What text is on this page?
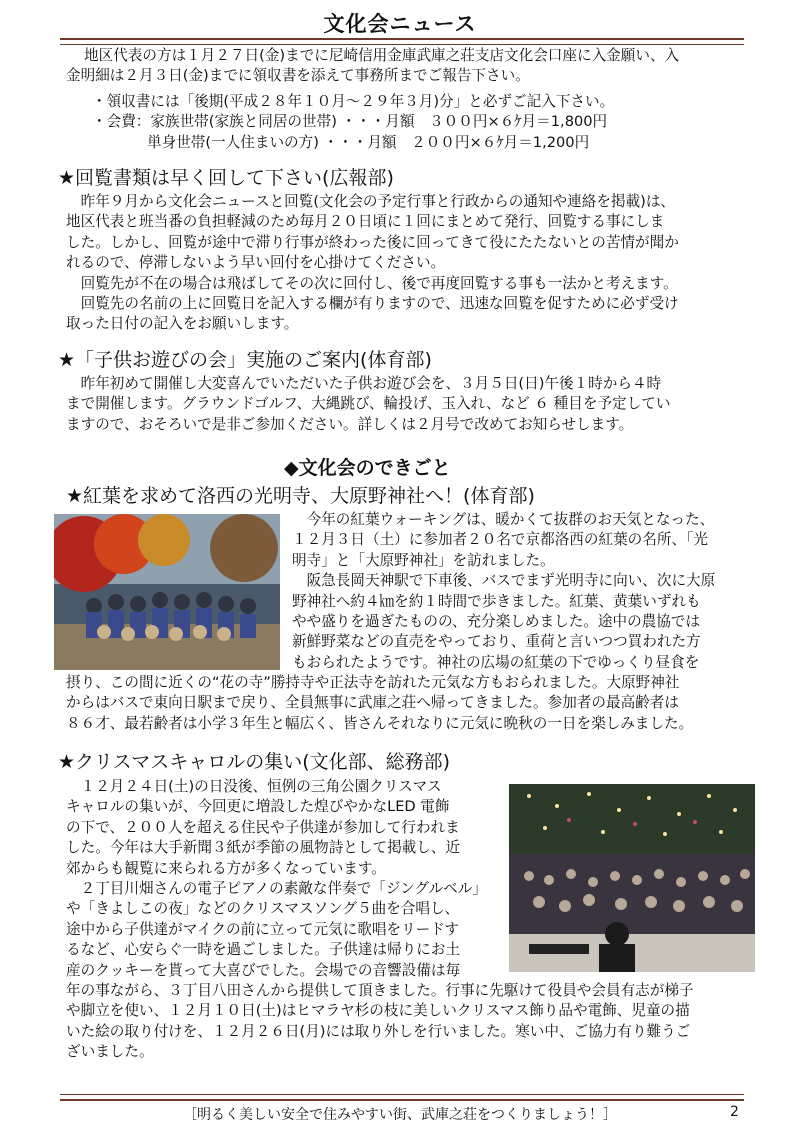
文化会ニュース

地区代表の方は１月２７日(金)までに尼崎信用金庫武庫之荘支店文化会口座に入金願い、入

金明細は２月３日(金)までに領収書を添えて事務所までご報告下さい。

・領収書には「後期(平成２８年１０月〜２９年３月)分」と必ずご記入下さい。
・会費：家族世帯(家族と同居の世帯) ・・・月額　３００円×６ｹ月＝1,800円
単身世帯(一人住まいの方) ・・・月額　２００円×６ｹ月＝1,200円
★回覧書類は早く回して下さい(広報部)

　昨年９月から文化会ニュースと回覧(文化会の予定行事と行政からの通知や連絡を掲載)は、

地区代表と班当番の負担軽減のため毎月２０日頃に１回にまとめて発行、回覧する事にしま

した。しかし、回覧が途中で滞り行事が終わった後に回ってきて役にたたないとの苦情が聞か

れるので、停滞しないよう早い回付を心掛けてください。

　回覧先が不在の場合は飛ばしてその次に回付し、後で再度回覧する事も一法かと考えます。

　回覧先の名前の上に回覧日を記入する欄が有りますので、迅速な回覧を促すために必ず受け

取った日付の記入をお願いします。

★「子供お遊びの会」実施のご案内(体育部)

　昨年初めて開催し大変喜んでいただいた子供お遊び会を、３月５日(日)午後１時から４時

まで開催します。グラウンドゴルフ、大縄跳び、輪投げ、玉入れ、など ６ 種目を予定してい

ますので、おそろいで是非ご参加ください。詳しくは２月号で改めてお知らせします。

◆文化会のできごと
★紅葉を求めて洛西の光明寺、大原野神社へ！(体育部)

　今年の紅葉ウォーキングは、暖かくて抜群のお天気となった、

１２月３日（土）に参加者２０名で京都洛西の紅葉の名所、「光

明寺」と「大原野神社」を訪れました。

　阪急長岡天神駅で下車後、バスでまず光明寺に向い、次に大原

野神社へ約４㎞を約１時間で歩きました。紅葉、黄葉いずれも

やや盛りを過ぎたものの、充分楽しめました。途中の農協では

新鮮野菜などの直売をやっており、重荷と言いつつ買われた方

もおられたようです。神社の広場の紅葉の下でゆっくり昼食を

摂り、この間に近くの“花の寺”勝持寺や正法寺を訪れた元気な方もおられました。大原野神社

からはバスで東向日駅まで戻り、全員無事に武庫之荘へ帰ってきました。参加者の最高齢者は

８６才、最若齢者は小学３年生と幅広く、皆さんそれなりに元気に晩秋の一日を楽しみました。

★クリスマスキャロルの集い(文化部、総務部)

　１２月２４日(土)の日没後、恒例の三角公園クリスマス

キャロルの集いが、今回更に増設した煌びやかなLED 電飾

の下で、２００人を超える住民や子供達が参加して行われま

した。今年は大手新聞３紙が季節の風物詩として掲載し、近

郊からも観覧に来られる方が多くなっています。

　２丁目川畑さんの電子ピアノの素敵な伴奏で「ジングルベル」

や「きよしこの夜」などのクリスマスソング５曲を合唱し、

途中から子供達がマイクの前に立って元気に歌唱をリードす

るなど、心安らぐ一時を過ごしました。子供達は帰りにお土

産のクッキーを貰って大喜びでした。会場での音響設備は毎

年の事ながら、３丁目八田さんから提供して頂きました。行事に先駆けて役員や会員有志が梯子

や脚立を使い、１２月１０日(土)はヒマラヤ杉の枝に美しいクリスマス飾り品や電飾、児童の描

いた絵の取り付けを、１２月２６日(月)には取り外しを行いました。寒い中、ご協力有り難うご

ざいました。

［明るく美しい安全で住みやすい街、武庫之荘をつくりましょう！］	2
